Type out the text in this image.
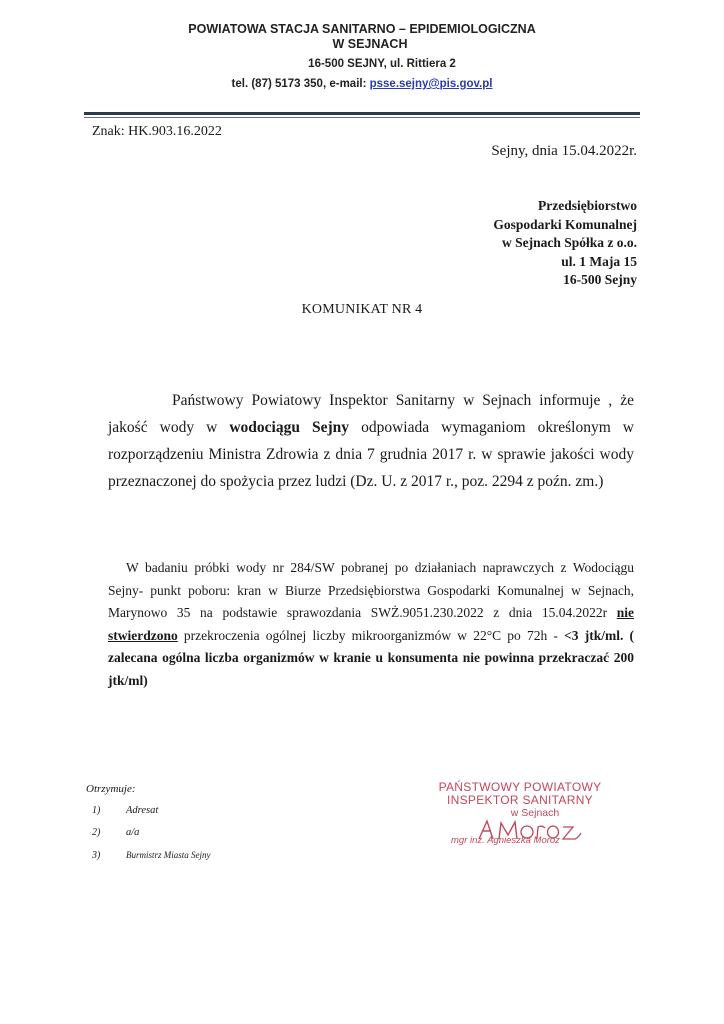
POWIATOWA STACJA SANITARNO – EPIDEMIOLOGICZNA
W SEJNACH
16-500 SEJNY, ul. Rittiera 2
tel. (87) 5173 350, e-mail: psse.sejny@pis.gov.pl
Znak: HK.903.16.2022
Sejny, dnia 15.04.2022r.
Przedsiębiorstwo
Gospodarki Komunalnej
w Sejnach Spółka z o.o.
ul. 1 Maja 15
16-500 Sejny
KOMUNIKAT NR 4
Państwowy Powiatowy Inspektor Sanitarny w Sejnach informuje , że jakość wody w wodociągu Sejny odpowiada wymaganiom określonym w rozporządzeniu Ministra Zdrowia z dnia 7 grudnia 2017 r. w sprawie jakości wody przeznaczonej do spożycia przez ludzi (Dz. U. z 2017 r., poz. 2294 z poźn. zm.)
W badaniu próbki wody nr 284/SW pobranej po działaniach naprawczych z Wodociągu Sejny- punkt poboru: kran w Biurze Przedsiębiorstwa Gospodarki Komunalnej w Sejnach, Marynowo 35 na podstawie sprawozdania SWŻ.9051.230.2022 z dnia 15.04.2022r nie stwierdzono przekroczenia ogólnej liczby mikroorganizmów w 22°C po 72h - <3 jtk/ml. ( zalecana ogólna liczba organizmów w kranie u konsumenta nie powinna przekraczać 200 jtk/ml)
Otrzymuje:
1) Adresat
2) a/a
3)	Burmistrz Miasta Sejny
PAŃSTWOWY POWIATOWY
INSPEKTOR SANITARNY
w Sejnach
mgr inż. Agnieszka Moroz
